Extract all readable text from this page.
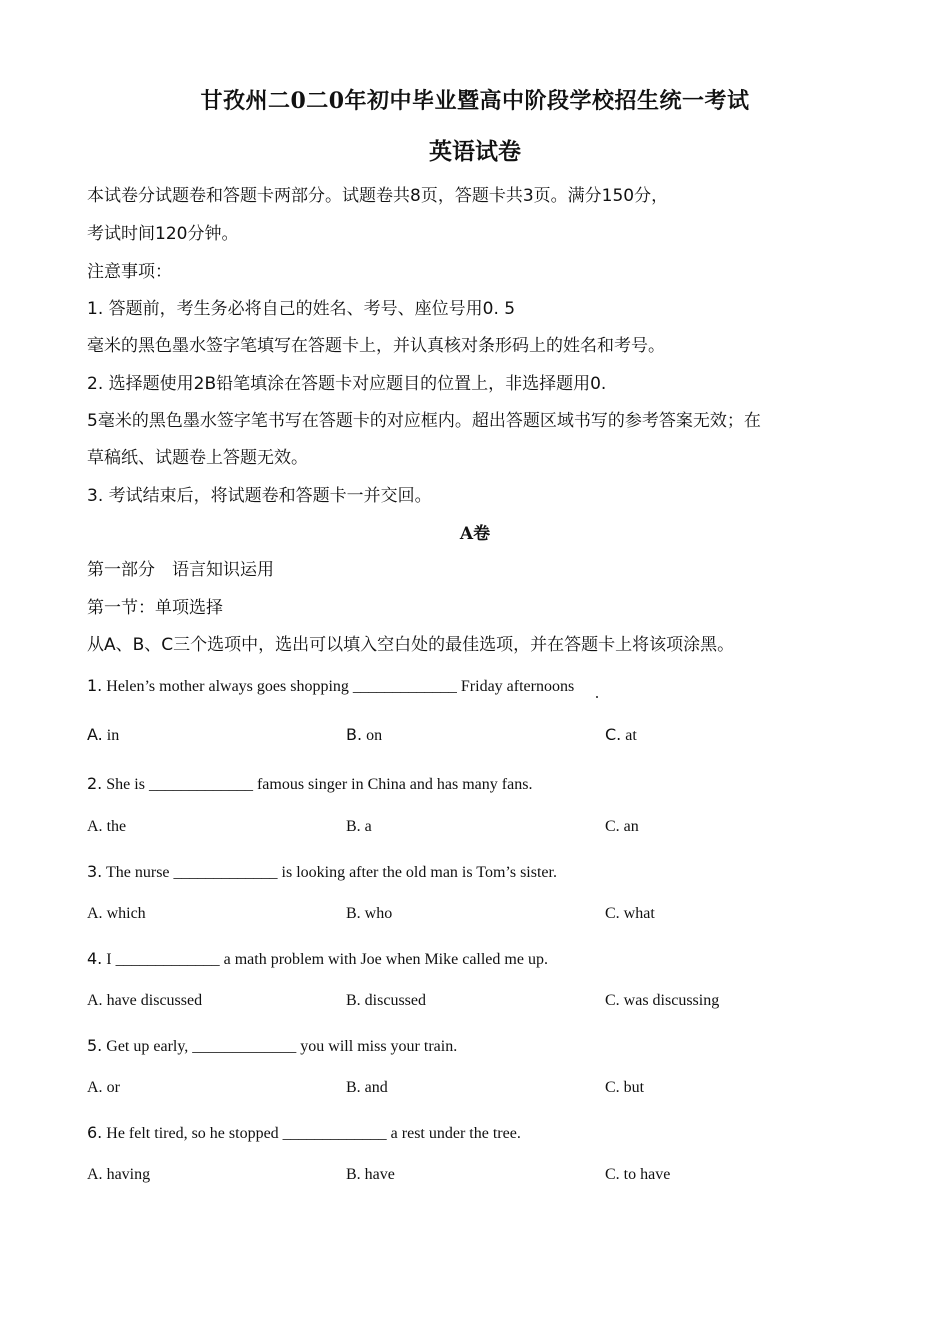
甘孜州二0二0年初中毕业暨高中阶段学校招生统一考试
英语试卷
本试卷分试题卷和答题卡两部分。试题卷共8页，答题卡共3页。满分150分，
考试时间120分钟。
注意事项：
1. 答题前，考生务必将自己的姓名、考号、座位号用0. 5
毫米的黑色墨水签字笔填写在答题卡上，并认真核对条形码上的姓名和考号。
2. 选择题使用2B铅笔填涂在答题卡对应题目的位置上，非选择题用0.
5毫米的黑色墨水签字笔书写在答题卡的对应框内。超出答题区域书写的参考答案无效；在
草稿纸、试题卷上答题无效。
3. 考试结束后，将试题卷和答题卡一并交回。
A卷
第一部分　语言知识运用
第一节：单项选择
从A、B、C三个选项中，选出可以填入空白处的最佳选项，并在答题卡上将该项涂黑。
1. Helen’s mother always goes shopping _____________ Friday afternoons
A. in	B. on	C. at
2. She is _____________ famous singer in China and has many fans.
A. the	B. a	C. an
3. The nurse _____________ is looking after the old man is Tom’s sister.
A. which	B. who	C. what
4. I _____________ a math problem with Joe when Mike called me up.
A. have discussed	B. discussed	C. was discussing
5. Get up early, _____________ you will miss your train.
A. or	B. and	C. but
6. He felt tired, so he stopped _____________ a rest under the tree.
A. having	B. have	C. to have
